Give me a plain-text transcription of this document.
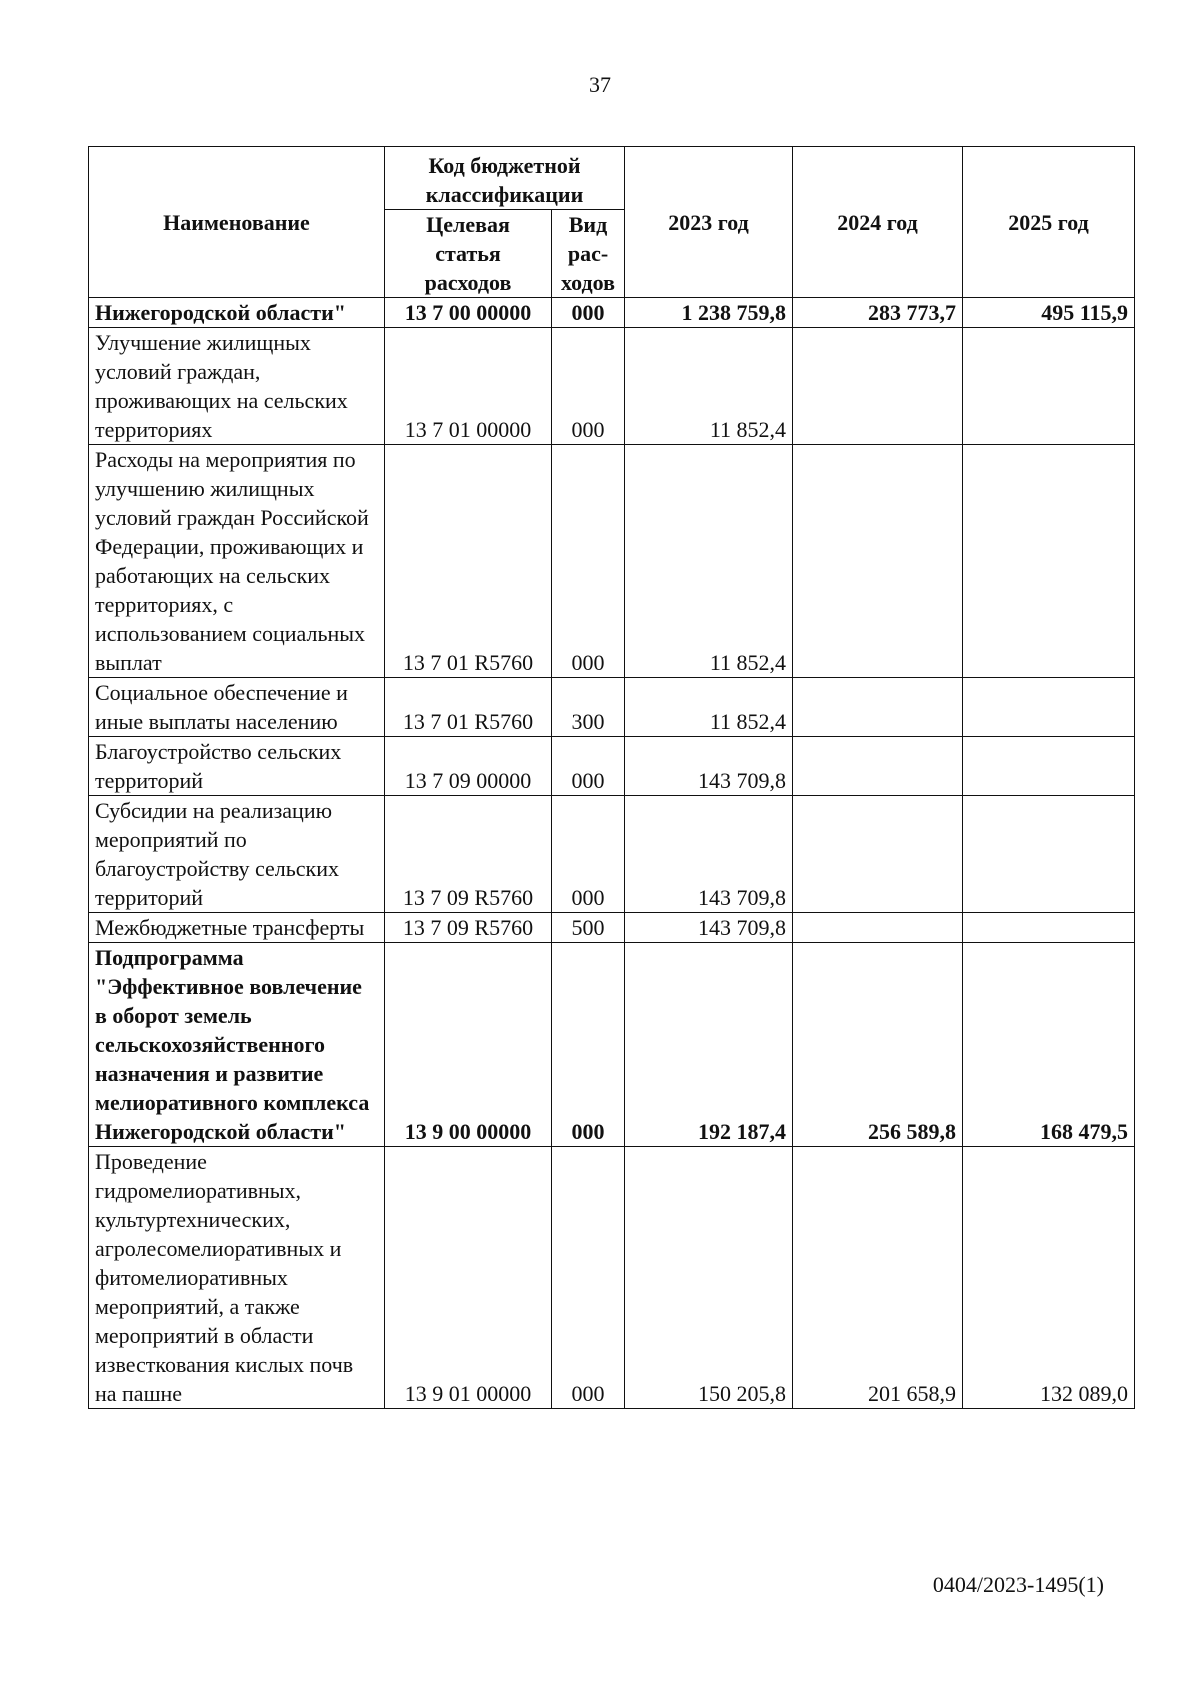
37
Наименование	Код бюджетной классификации		2023 год	2024 год	2025 год
	Целевая статья расходов	Вид рас-ходов			
Нижегородской области"	13 7 00 00000	000	1 238 759,8	283 773,7	495 115,9
Улучшение жилищных условий граждан, проживающих на сельских территориях	13 7 01 00000	000	11 852,4		
Расходы на мероприятия по улучшению жилищных условий граждан Российской Федерации, проживающих и работающих на сельских территориях, с использованием социальных выплат	13 7 01 R5760	000	11 852,4		
Социальное обеспечение и иные выплаты населению	13 7 01 R5760	300	11 852,4		
Благоустройство сельских территорий	13 7 09 00000	000	143 709,8		
Субсидии на реализацию мероприятий по благоустройству сельских территорий	13 7 09 R5760	000	143 709,8		
Межбюджетные трансферты	13 7 09 R5760	500	143 709,8		
Подпрограмма "Эффективное вовлечение в оборот земель сельскохозяйственного назначения и развитие мелиоративного комплекса Нижегородской области"	13 9 00 00000	000	192 187,4	256 589,8	168 479,5
Проведение гидромелиоративных, культуртехнических, агролесомелиоративных и фитомелиоративных мероприятий, а также мероприятий в области известкования кислых почв на пашне	13 9 01 00000	000	150 205,8	201 658,9	132 089,0
0404/2023-1495(1)
